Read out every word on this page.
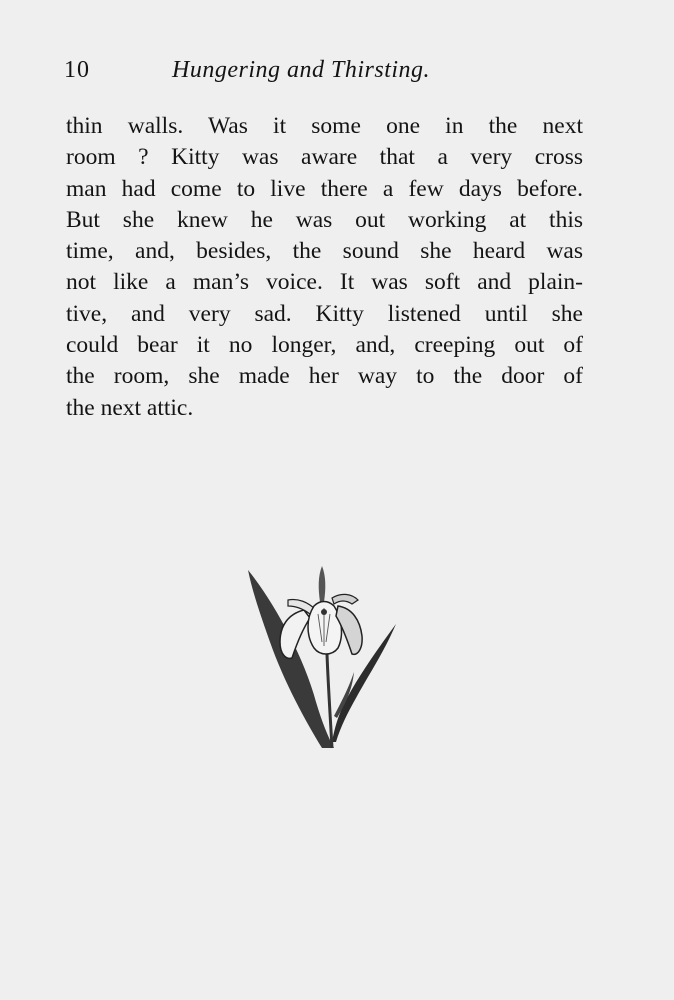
10	Hungering and Thirsting.
thin walls. Was it some one in the next
room ? Kitty was aware that a very cross
man had come to live there a few days before.
But she knew he was out working at this
time, and, besides, the sound she heard was
not like a man’s voice. It was soft and plain-
tive, and very sad. Kitty listened until she
could bear it no longer, and, creeping out of
the room, she made her way to the door of
the next attic.
